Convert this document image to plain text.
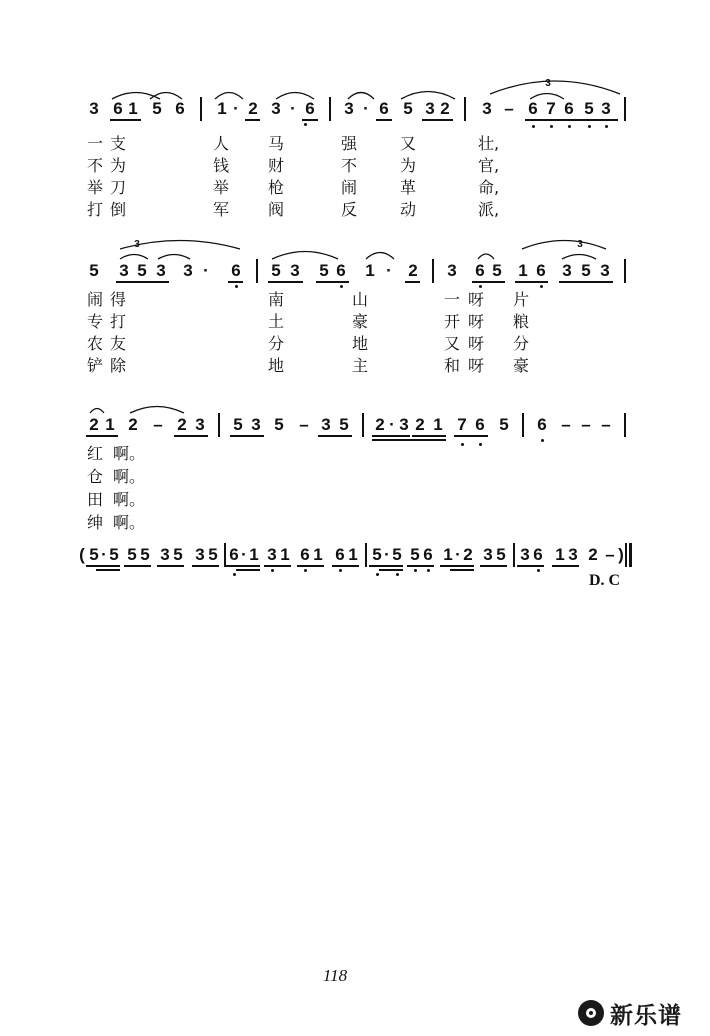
3 6 1 5 6 1 · 2 3 · 6 3 · 6 5 3 2 3 – 6 7 6 5 3
一 支	人 马	强	又	壮,
不 为	钱 财	不	为	官,
举 刀	举 枪	闹	革	命,
打 倒	军 阀	反	动	派,
5 3 5 3 3 · 6 5 3 5 6 1 · 2 3 6 5 1 6 3 5 3
闹 得	南	山	一 呀 片
专 打	土	豪	开 呀 粮
农 友	分	地	又 呀 分
铲 除	地	主	和 呀 豪
2 1 2 – 2 3 5 3 5 – 3 5 2 · 3 2 1 7 6 5 6 – – –
红 啊。
仓 啊。
田 啊。
绅 啊。
( 5 · 5 5 5 3 5 3 5 6 · 1 3 1 6 1 6 1 5 · 5 5 6 1 · 2 3 5 3 6 1 3 2 – )
3
3	3
D. C
118
新乐谱
